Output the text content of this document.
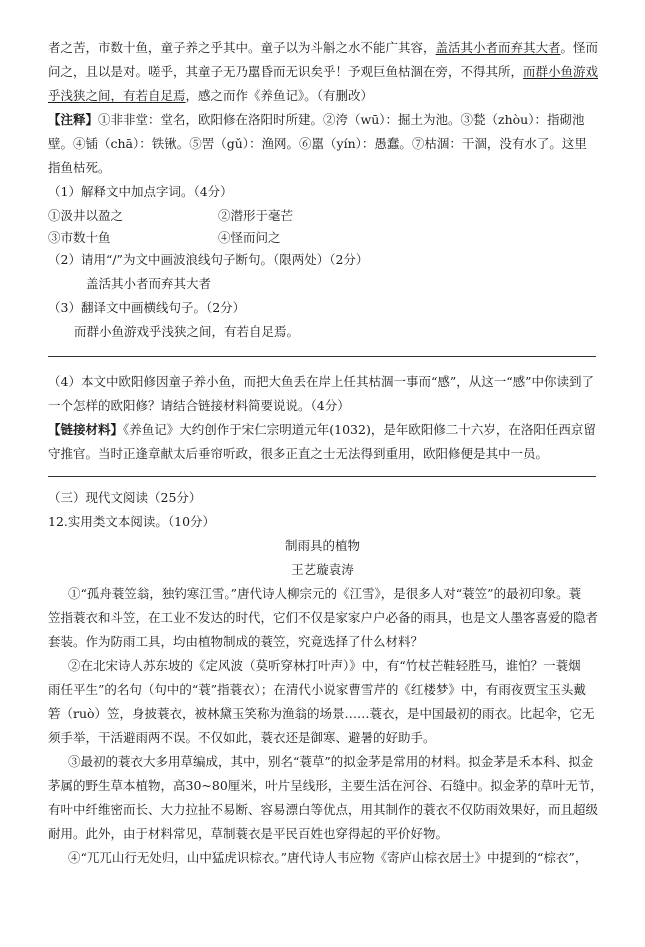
者之苦，市数十鱼，童子养之乎其中。童子以为斗斛之水不能广其容，盖活其小者而弃其大者。怪而
问之，且以是对。嗟乎，其童子无乃嚚昏而无识矣乎！予观巨鱼枯涸在旁，不得其所，而群小鱼游戏
乎浅狭之间，有若自足焉，感之而作《养鱼记》。（有删改）
【注释】①非非堂：堂名，欧阳修在洛阳时所建。②洿（wū）：掘土为池。③甃（zhòu）：指砌池
壁。④锸（chā）：铁锹。⑤罟（gǔ）：渔网。⑥嚚（yín）：愚蠢。⑦枯涸：干涸，没有水了。这里
指鱼枯死。
（1）解释文中加点字词。（4分）
①汲井以盈之	②潜形于毫芒
③市数十鱼	④怪而问之
（2）请用“/”为文中画波浪线句子断句。（限两处）（2分）
盖活其小者而弃其大者
（3）翻译文中画横线句子。（2分）
而群小鱼游戏乎浅狭之间，有若自足焉。
（4）本文中欧阳修因童子养小鱼，而把大鱼丢在岸上任其枯涸一事而“感”，从这一“感”中你读到了
一个怎样的欧阳修？请结合链接材料简要说说。（4分）
【链接材料】《养鱼记》大约创作于宋仁宗明道元年(1032)，是年欧阳修二十六岁，在洛阳任西京留
守推官。当时正逢章献太后垂帘听政，很多正直之士无法得到重用，欧阳修便是其中一员。
（三）现代文阅读（25分）
12.实用类文本阅读。（10分）
制雨具的植物
王艺璇袁涛
①“孤舟蓑笠翁，独钓寒江雪。”唐代诗人柳宗元的《江雪》，是很多人对“蓑笠”的最初印象。蓑
笠指蓑衣和斗笠，在工业不发达的时代，它们不仅是家家户户必备的雨具，也是文人墨客喜爱的隐者
套装。作为防雨工具，均由植物制成的蓑笠，究竟选择了什么材料？
②在北宋诗人苏东坡的《定风波（莫听穿林打叶声）》中，有“竹杖芒鞋轻胜马，谁怕？一蓑烟
雨任平生”的名句（句中的“蓑”指蓑衣）；在清代小说家曹雪芹的《红楼梦》中，有雨夜贾宝玉头戴
箬（ruò）笠，身披蓑衣，被林黛玉笑称为渔翁的场景……蓑衣，是中国最初的雨衣。比起伞，它无
须手举，干活避雨两不误。不仅如此，蓑衣还是御寒、避暑的好助手。
③最初的蓑衣大多用草编成，其中，别名“蓑草”的拟金茅是常用的材料。拟金茅是禾本科、拟金
茅属的野生草本植物，高30~80厘米，叶片呈线形，主要生活在河谷、石缝中。拟金茅的草叶无节，
有叶中纤维密而长、大力拉扯不易断、容易漂白等优点，用其制作的蓑衣不仅防雨效果好，而且超级
耐用。此外，由于材料常见，草制蓑衣是平民百姓也穿得起的平价好物。
④“兀兀山行无处归，山中猛虎识棕衣。”唐代诗人韦应物《寄庐山棕衣居士》中提到的“棕衣”，
